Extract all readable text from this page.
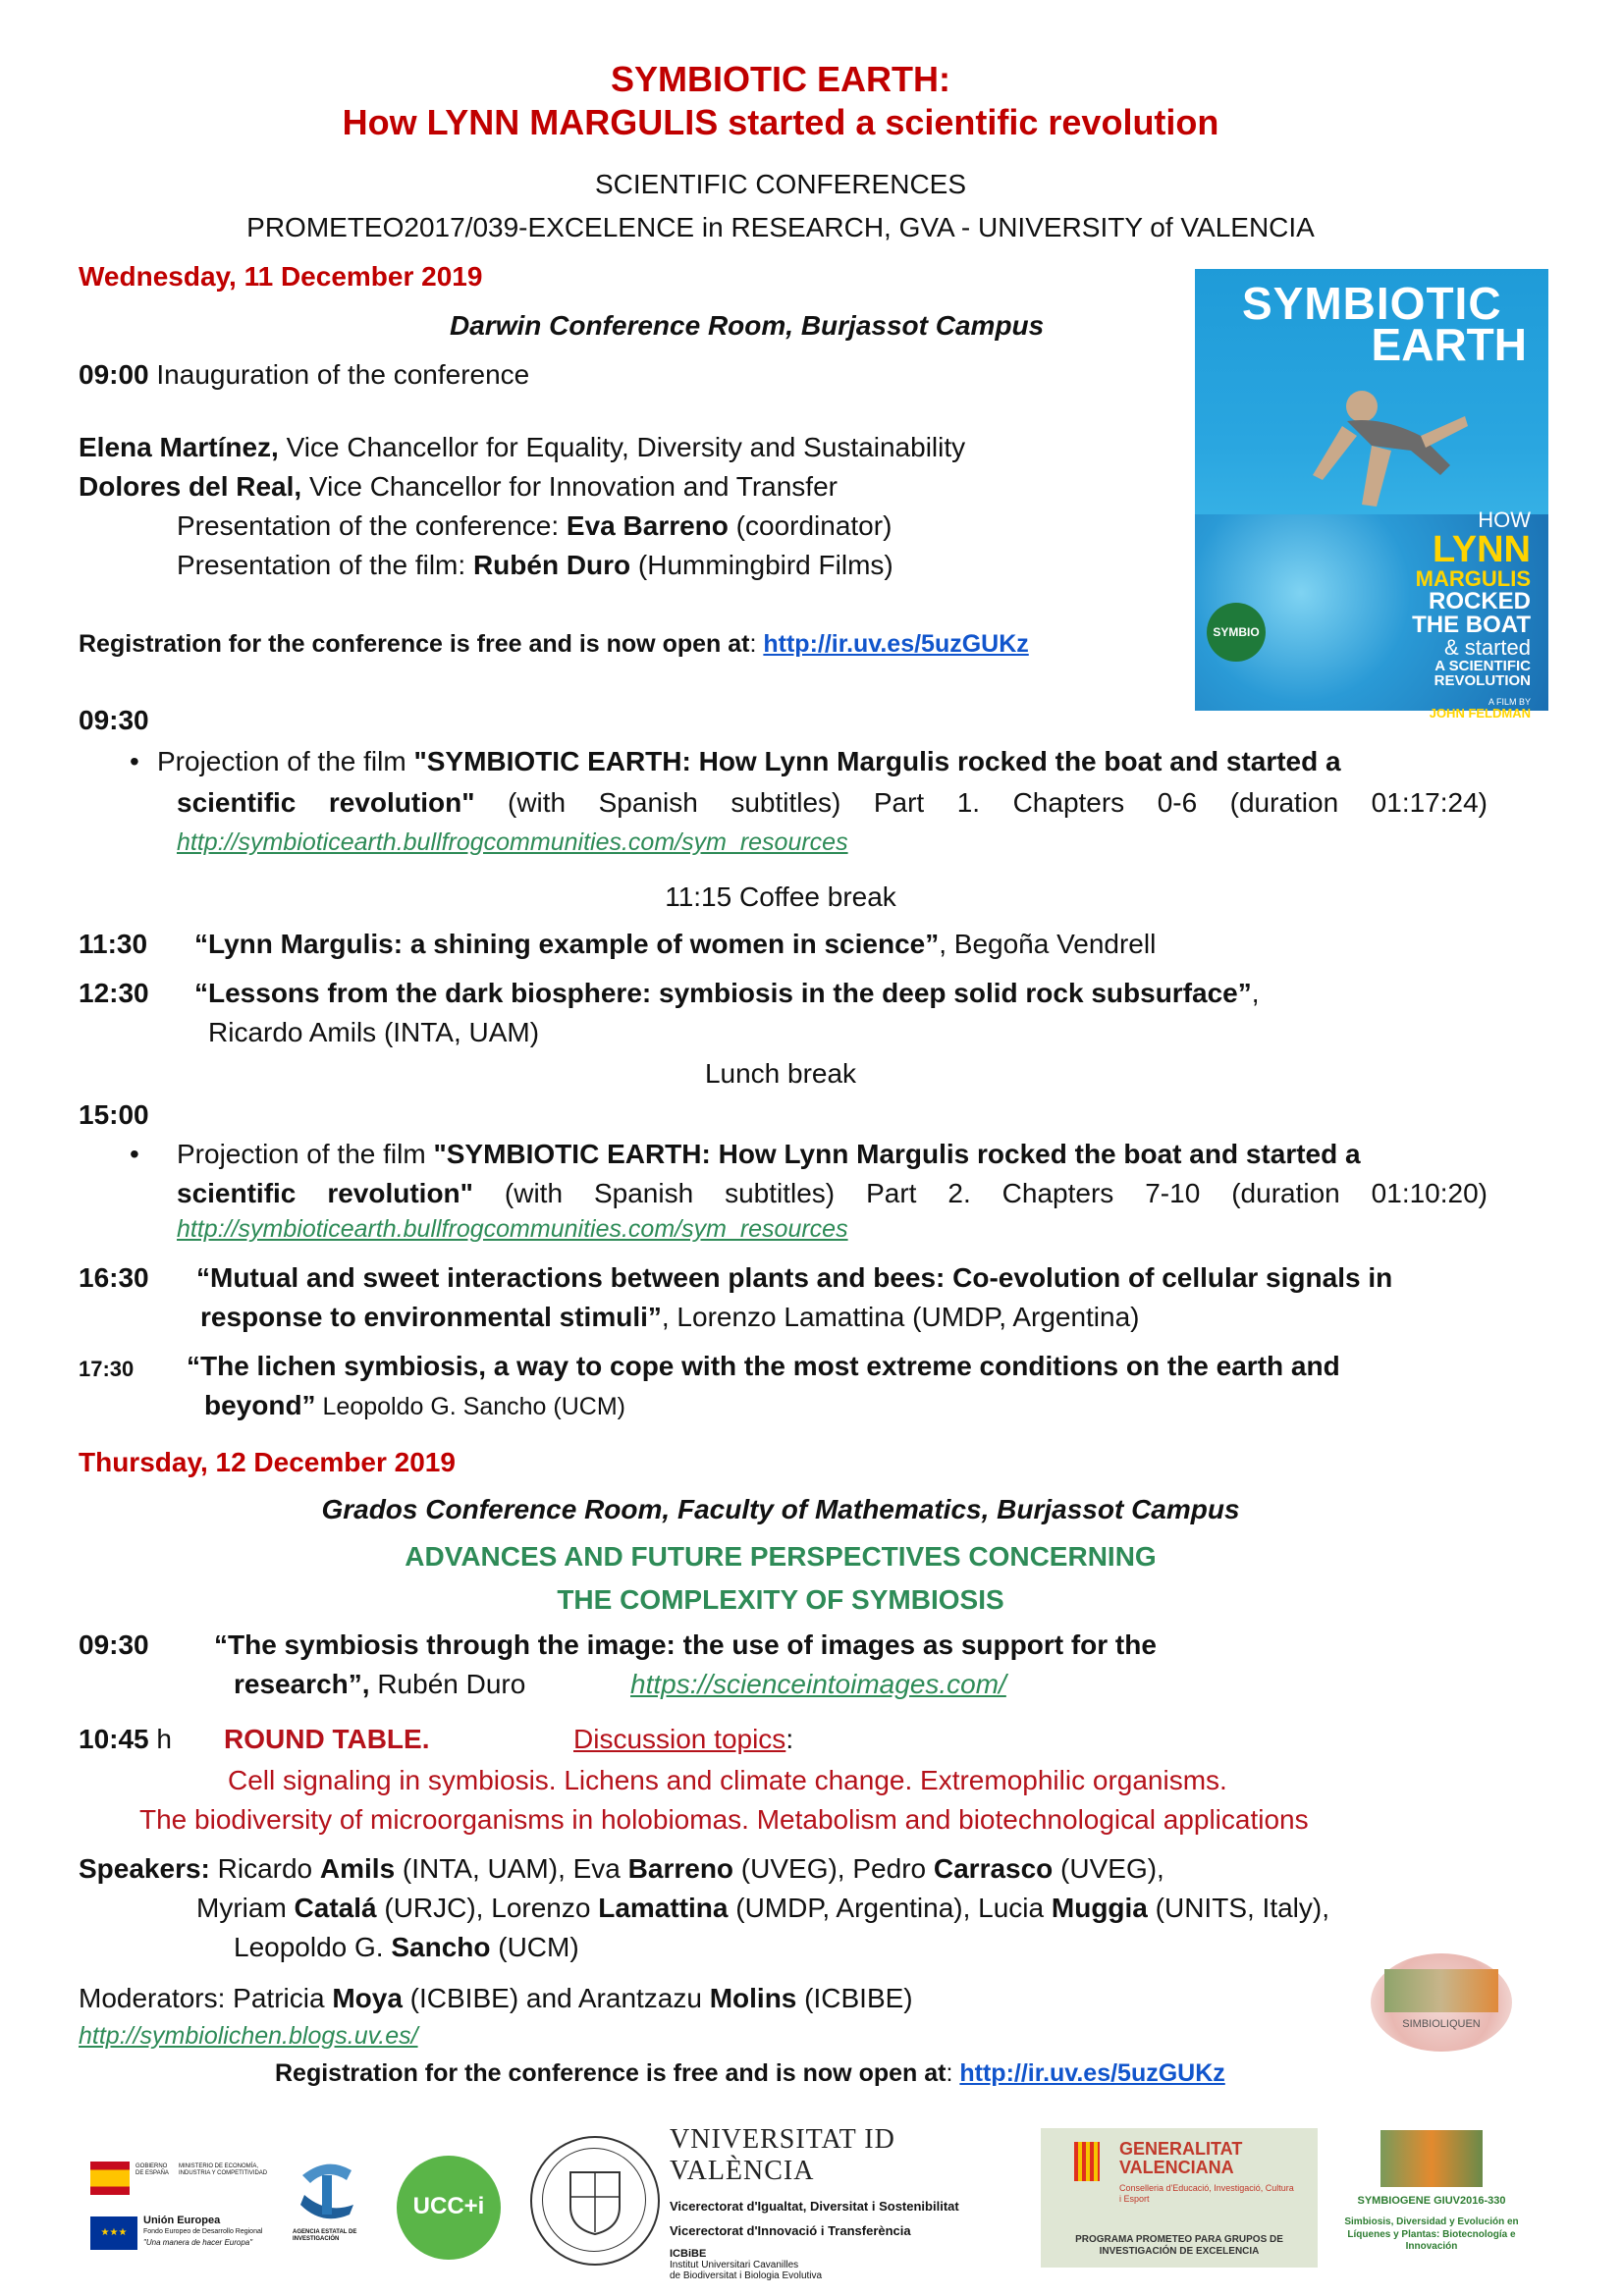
SYMBIOTIC EARTH:
How LYNN MARGULIS started a scientific revolution
SCIENTIFIC CONFERENCES
PROMETEO2017/039-EXCELENCE in RESEARCH, GVA - UNIVERSITY of VALENCIA
Wednesday, 11 December 2019
Darwin Conference Room, Burjassot Campus
09:00 Inauguration of the conference
Elena Martínez, Vice Chancellor for Equality, Diversity and Sustainability
Dolores del Real, Vice Chancellor for Innovation and Transfer
Presentation of the conference: Eva Barreno (coordinator)
Presentation of the film: Rubén Duro (Hummingbird Films)
Registration for the conference is free and is now open at: http://ir.uv.es/5uzGUKz
SYMBIOTIC
EARTH
HOW
LYNN
MARGULIS
ROCKED
THE BOAT
& started
A SCIENTIFIC
REVOLUTION
A FILM BY
JOHN FELDMAN
SYMBIO
09:30
• Projection of the film "SYMBIOTIC EARTH: How Lynn Margulis rocked the boat and started a
scientific revolution" (with Spanish subtitles) Part 1. Chapters 0-6 (duration 01:17:24)
http://symbioticearth.bullfrogcommunities.com/sym_resources
11:15 Coffee break
11:30 “Lynn Margulis: a shining example of women in science”, Begoña Vendrell
12:30 “Lessons from the dark biosphere: symbiosis in the deep solid rock subsurface”,
Ricardo Amils (INTA, UAM)
Lunch break
15:00
• Projection of the film "SYMBIOTIC EARTH: How Lynn Margulis rocked the boat and started a
scientific revolution" (with Spanish subtitles) Part 2. Chapters 7-10 (duration 01:10:20)
http://symbioticearth.bullfrogcommunities.com/sym_resources
16:30 “Mutual and sweet interactions between plants and bees: Co-evolution of cellular signals in
response to environmental stimuli”, Lorenzo Lamattina (UMDP, Argentina)
17:30 “The lichen symbiosis, a way to cope with the most extreme conditions on the earth and
beyond” Leopoldo G. Sancho (UCM)
Thursday, 12 December 2019
Grados Conference Room, Faculty of Mathematics, Burjassot Campus
ADVANCES AND FUTURE PERSPECTIVES CONCERNING
THE COMPLEXITY OF SYMBIOSIS
09:30 “The symbiosis through the image: the use of images as support for the
research”, Rubén Duro	https://scienceintoimages.com/
10:45 h ROUND TABLE.	Discussion topics:
Cell signaling in symbiosis. Lichens and climate change. Extremophilic organisms.
The biodiversity of microorganisms in holobiomas. Metabolism and biotechnological applications
Speakers: Ricardo Amils (INTA, UAM), Eva Barreno (UVEG), Pedro Carrasco (UVEG),
Myriam Catalá (URJC), Lorenzo Lamattina (UMDP, Argentina), Lucia Muggia (UNITS, Italy),
Leopoldo G. Sancho (UCM)
Moderators: Patricia Moya (ICBIBE) and Arantzazu Molins (ICBIBE)
http://symbiolichen.blogs.uv.es/
Registration for the conference is free and is now open at: http://ir.uv.es/5uzGUKz
SIMBIOLIQUEN
GOBIERNO DE ESPAÑA
MINISTERIO DE ECONOMÍA, INDUSTRIA Y COMPETITIVIDAD
★★★
Unión Europea
Fondo Europeo de Desarrollo Regional
"Una manera de hacer Europa"
AGENCIA ESTATAL DE INVESTIGACIÓN
UCC+i
VNIVERSITAT ID VALÈNCIA
Vicerectorat d'Igualtat, Diversitat i Sostenibilitat
Vicerectorat d'Innovació i Transferència
ICBiBE
Institut Universitari Cavanilles
de Biodiversitat i Biologia Evolutiva
GENERALITAT
VALENCIANA
Conselleria d'Educació, Investigació, Cultura i Esport
PROGRAMA PROMETEO PARA GRUPOS DE INVESTIGACIÓN DE EXCELENCIA
SYMBIOGENE GIUV2016-330
Simbiosis, Diversidad y Evolución en Líquenes y Plantas: Biotecnología e Innovación
